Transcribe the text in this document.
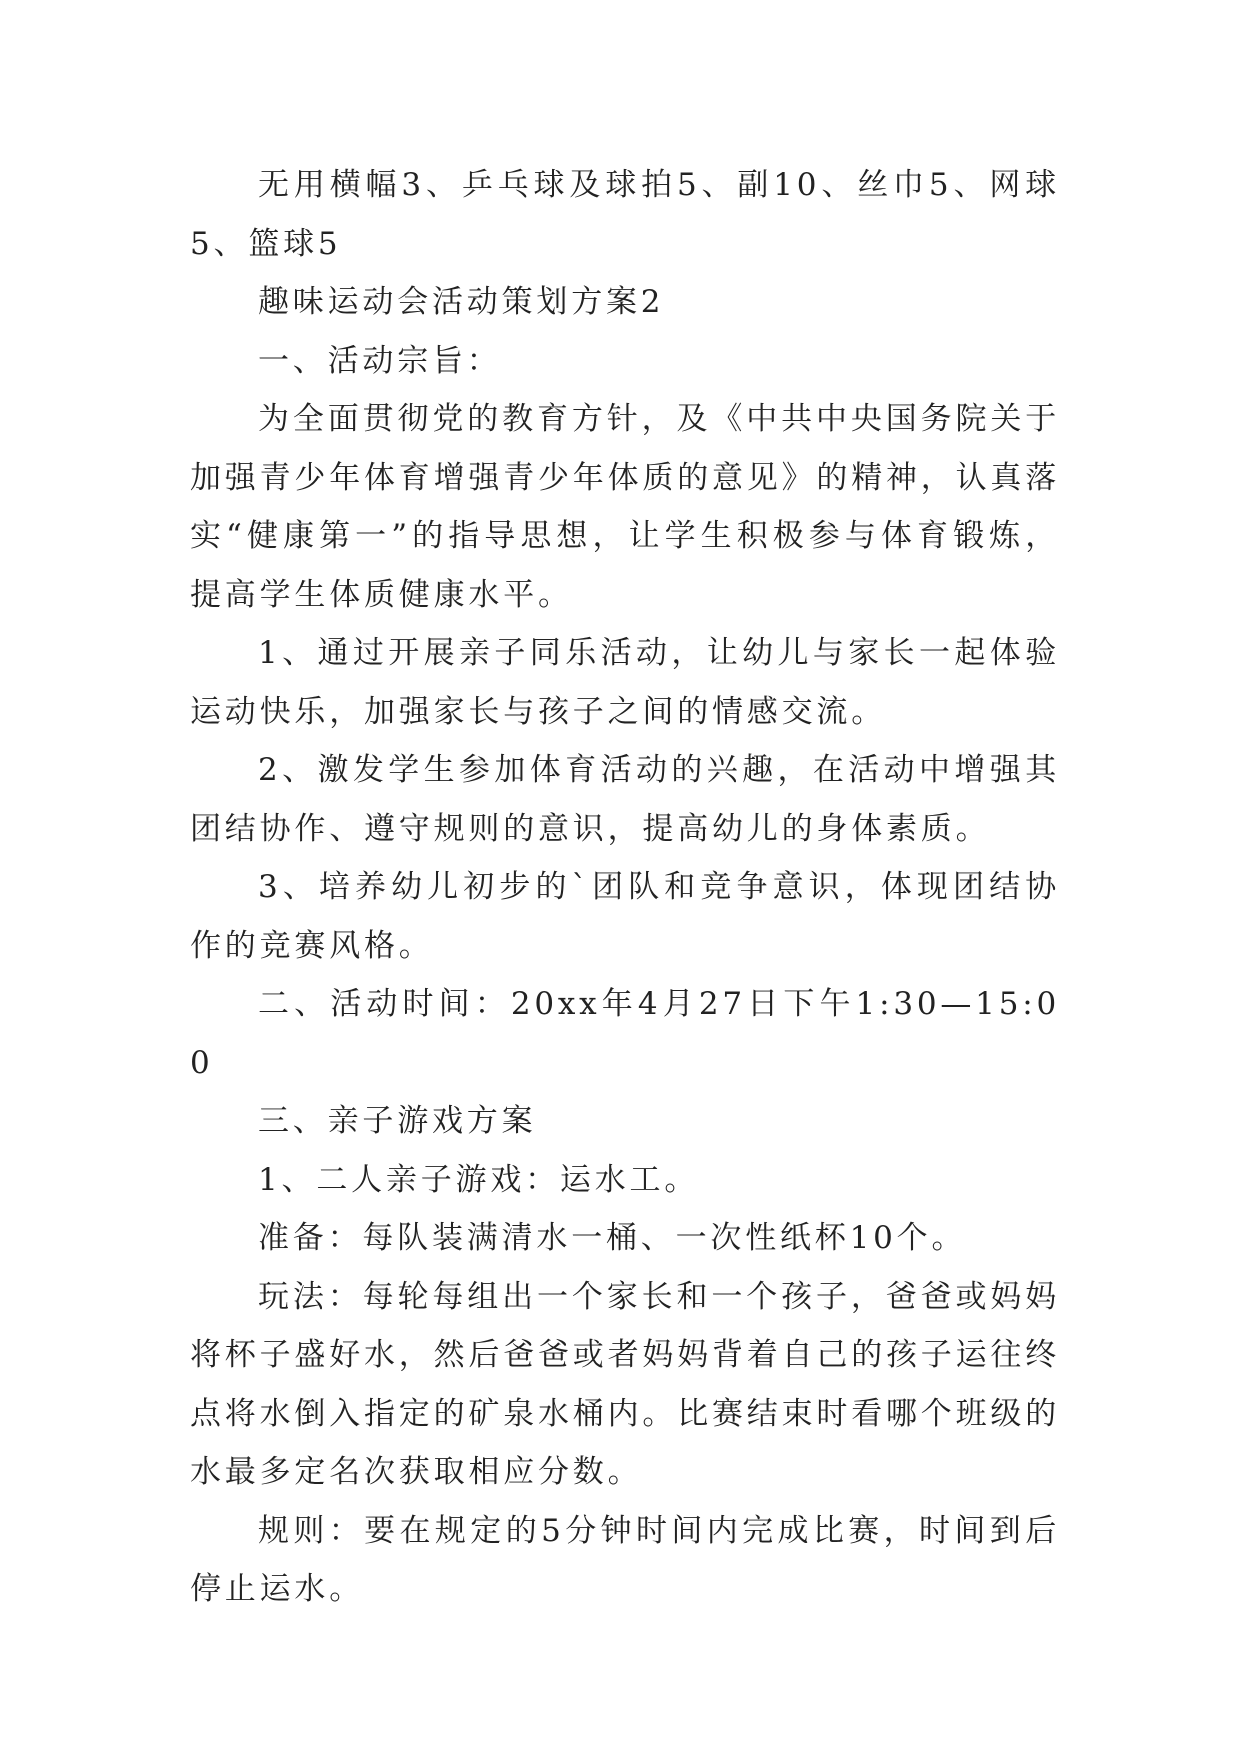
无用横幅3、乒乓球及球拍5、副10、丝巾5、网球5、篮球5

趣味运动会活动策划方案2

一、活动宗旨：

为全面贯彻党的教育方针，及《中共中央国务院关于加强青少年体育增强青少年体质的意见》的精神，认真落实“健康第一”的指导思想，让学生积极参与体育锻炼，提高学生体质健康水平。

1、通过开展亲子同乐活动，让幼儿与家长一起体验运动快乐，加强家长与孩子之间的情感交流。

2、激发学生参加体育活动的兴趣，在活动中增强其团结协作、遵守规则的意识，提高幼儿的身体素质。

3、培养幼儿初步的`团队和竞争意识，体现团结协作的竞赛风格。

二、活动时间：20xx年4月27日下午1:30—15:00

三、亲子游戏方案

1、二人亲子游戏：运水工。

准备：每队装满清水一桶、一次性纸杯10个。

玩法：每轮每组出一个家长和一个孩子，爸爸或妈妈将杯子盛好水，然后爸爸或者妈妈背着自己的孩子运往终点将水倒入指定的矿泉水桶内。比赛结束时看哪个班级的水最多定名次获取相应分数。

规则：要在规定的5分钟时间内完成比赛，时间到后停止运水。
